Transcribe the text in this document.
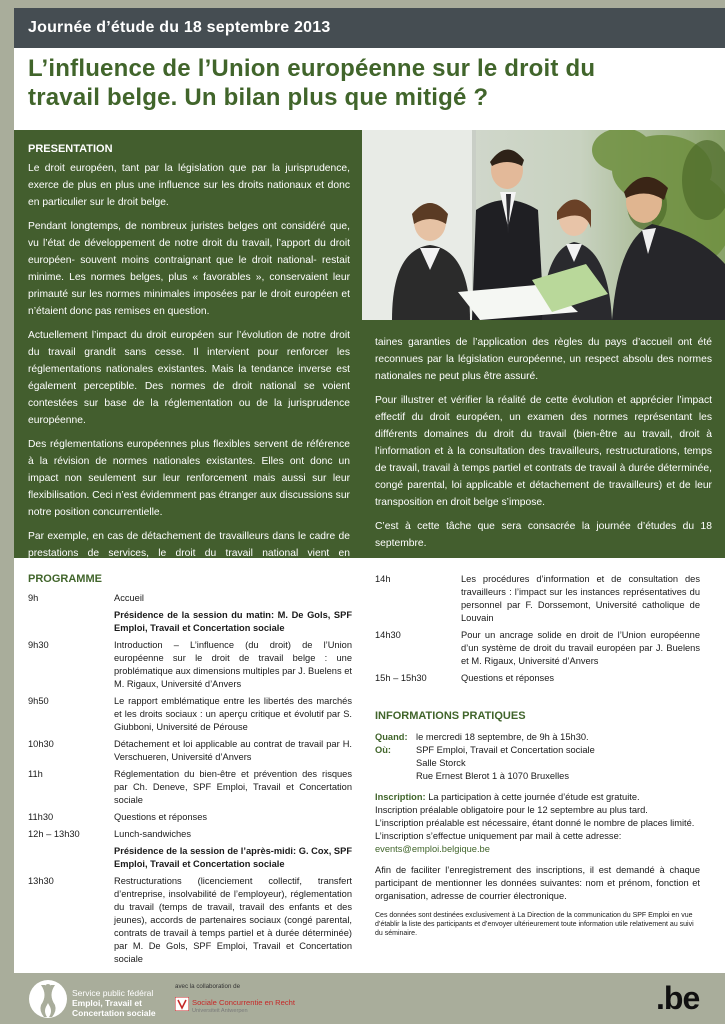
Journée d’étude du 18 septembre 2013
L’influence de l’Union européenne sur le droit du
travail belge. Un bilan plus que mitigé ?
PRESENTATION

Le droit européen, tant par la législation que par la jurisprudence, exerce de plus en plus une influence sur les droits nationaux et donc en particulier sur le droit belge.

Pendant longtemps, de nombreux juristes belges ont considéré que, vu l’état de développement de notre droit du travail, l’apport du droit européen- souvent moins contraignant que le droit national- restait minime. Les normes belges, plus « favorables », conservaient leur primauté sur les normes minimales imposées par le droit européen et n’étaient donc pas remises en question.

Actuellement l’impact du droit européen sur l’évolution de notre droit du travail grandit sans cesse. Il intervient pour renforcer les réglementations nationales existantes. Mais la tendance inverse est également perceptible. Des normes de droit national se voient contestées sur base de la réglementation ou de la jurisprudence européenne.

Des réglementations européennes plus flexibles servent de référence à la révision de normes nationales existantes. Elles ont donc un impact non seulement sur leur renforcement mais aussi sur leur flexibilisation. Ceci n’est évidemment pas étranger aux discussions sur notre position concurrentielle.

Par exemple, en cas de détachement de travailleurs dans le cadre de prestations de services, le droit du travail national vient en concurrence avec le droit de travail du pays d’envoi. Même si cer-

taines garanties de l’application des règles du pays d’accueil ont été reconnues par la législation européenne, un respect absolu des normes nationales ne peut plus être assuré.

Pour illustrer et vérifier la réalité de cette évolution et apprécier l’impact effectif du droit européen, un examen des normes représentant les différents domaines du droit du travail (bien-être au travail, droit à l’information et à la consultation des travailleurs, restructurations, temps de travail, travail à temps partiel et contrats de travail à durée déterminée, congé parental, loi applicable et détachement de travailleurs) et de leur transposition en droit belge s’impose.

C’est à cette tâche que sera consacrée la journée d’études du 18 septembre.

PROGRAMME
9h	Accueil
Présidence de la session du matin: M. De Gols, SPF Emploi, Travail et Concertation sociale
9h30	Introduction – L’influence (du droit) de l’Union européenne sur le droit de travail belge : une problématique aux dimensions multiples par J. Buelens et M. Rigaux, Université d’Anvers
9h50	Le rapport emblématique entre les libertés des marchés et les droits sociaux : un aperçu critique et évolutif par S. Giubboni, Université de Pérouse
10h30	Détachement et loi applicable au contrat de travail par H. Verschueren, Université d’Anvers
11h	Réglementation du bien-être et prévention des risques par Ch. Deneve, SPF Emploi, Travail et Concertation sociale
11h30	Questions et réponses
12h – 13h30	Lunch-sandwiches
Présidence de la session de l’après-midi: G. Cox, SPF Emploi, Travail et Concertation sociale
13h30	Restructurations (licenciement collectif, transfert d’entreprise, insolvabilité de l’employeur), réglementation du travail (temps de travail, travail des enfants et des jeunes), accords de partenaires sociaux (congé parental, contrats de travail à temps partiel et à durée déterminée) par M. De Gols, SPF Emploi, Travail et Concertation sociale
14h	Les procédures d’information et de consultation des travailleurs : l’impact sur les instances représentatives du personnel par F. Dorssemont, Université catholique de Louvain
14h30	Pour un ancrage solide en droit de l’Union européenne d’un système de droit du travail européen par J. Buelens et M. Rigaux, Université d’Anvers
15h – 15h30	Questions et réponses
INFORMATIONS PRATIQUES
Quand: le mercredi 18 septembre, de 9h à 15h30.
Où:	SPF Emploi, Travail et Concertation sociale
Salle Storck
Rue Ernest Blerot 1 à 1070 Bruxelles
Inscription: La participation à cette journée d’étude est gratuite.
Inscription préalable obligatoire pour le 12 septembre au plus tard.
L’inscription préalable est nécessaire, étant donné le nombre de places limité.
L’inscription s’effectue uniquement par mail à cette adresse:
events@emploi.belgique.be
Afin de faciliter l’enregistrement des inscriptions, il est demandé à chaque participant de mentionner les données suivantes: nom et prénom, fonction et organisation, adresse de courrier électronique.
Ces données sont destinées exclusivement à La Direction de la communication du SPF Emploi en vue d’établir la liste des participants et d’envoyer ultérieurement toute information utile relativement au suivi du séminaire.
Service public fédéral
Emploi, Travail et
Concertation sociale
avec la collaboration de
Sociale Concurrentie en Recht
Universiteit Antwerpen	.be
